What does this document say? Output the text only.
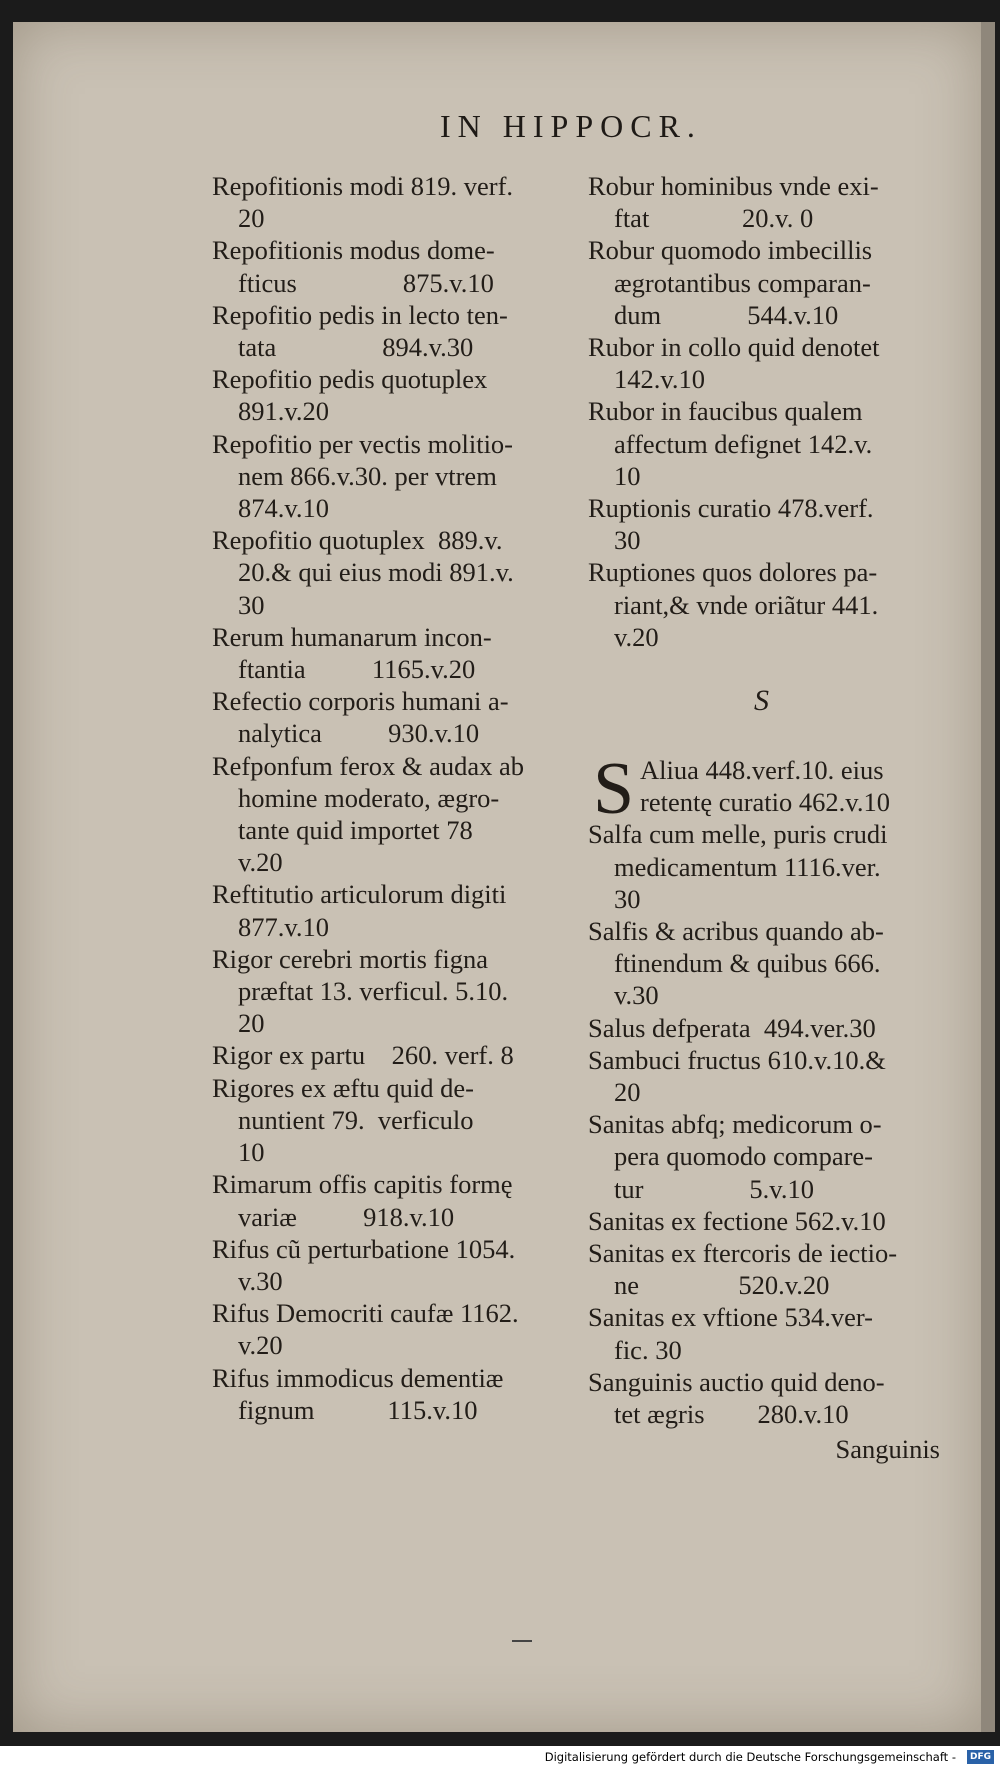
IN HIPPOCR.
Repofitionis modi 819. verf.
20
Repofitionis modus dome-
fticus                875.v.10
Repofitio pedis in lecto ten-
tata                894.v.30
Repofitio pedis quotuplex
891.v.20
Repofitio per vectis molitio-
nem 866.v.30. per vtrem
874.v.10
Repofitio quotuplex  889.v.
20.& qui eius modi 891.v.
30
Rerum humanarum incon-
ftantia          1165.v.20
Refectio corporis humani a-
nalytica          930.v.10
Refponfum ferox & audax ab
homine moderato, ægro-
tante quid importet 78
v.20
Reftitutio articulorum digiti
877.v.10
Rigor cerebri mortis figna
præftat 13. verficul. 5.10.
20
Rigor ex partu    260. verf. 8
Rigores ex æftu quid de-
nuntient 79.  verficulo
10
Rimarum offis capitis formę
variæ          918.v.10
Rifus cũ perturbatione 1054.
v.30
Rifus Democriti caufæ 1162.
v.20
Rifus immodicus dementiæ
fignum           115.v.10
Robur hominibus vnde exi-
ftat              20.v. 0
Robur quomodo imbecillis
ægrotantibus comparan-
dum             544.v.10
Rubor in collo quid denotet
142.v.10
Rubor in faucibus qualem
affectum defignet 142.v.
10
Ruptionis curatio 478.verf.
30
Ruptiones quos dolores pa-
riant,& vnde oriãtur 441.
v.20
S
S Aliua 448.verf.10. eius
retentę curatio 462.v.10
Salfa cum melle, puris crudi
medicamentum 1116.ver.
30
Salfis & acribus quando ab-
ftinendum & quibus 666.
v.30
Salus defperata  494.ver.30
Sambuci fructus 610.v.10.&
20
Sanitas abfq; medicorum o-
pera quomodo compare-
tur                5.v.10
Sanitas ex fectione 562.v.10
Sanitas ex ftercoris de iectio-
ne               520.v.20
Sanitas ex vftione 534.ver-
fic. 30
Sanguinis auctio quid deno-
tet ægris        280.v.10
Sanguinis
Digitalisierung gefördert durch die Deutsche Forschungsgemeinschaft -	DFG
